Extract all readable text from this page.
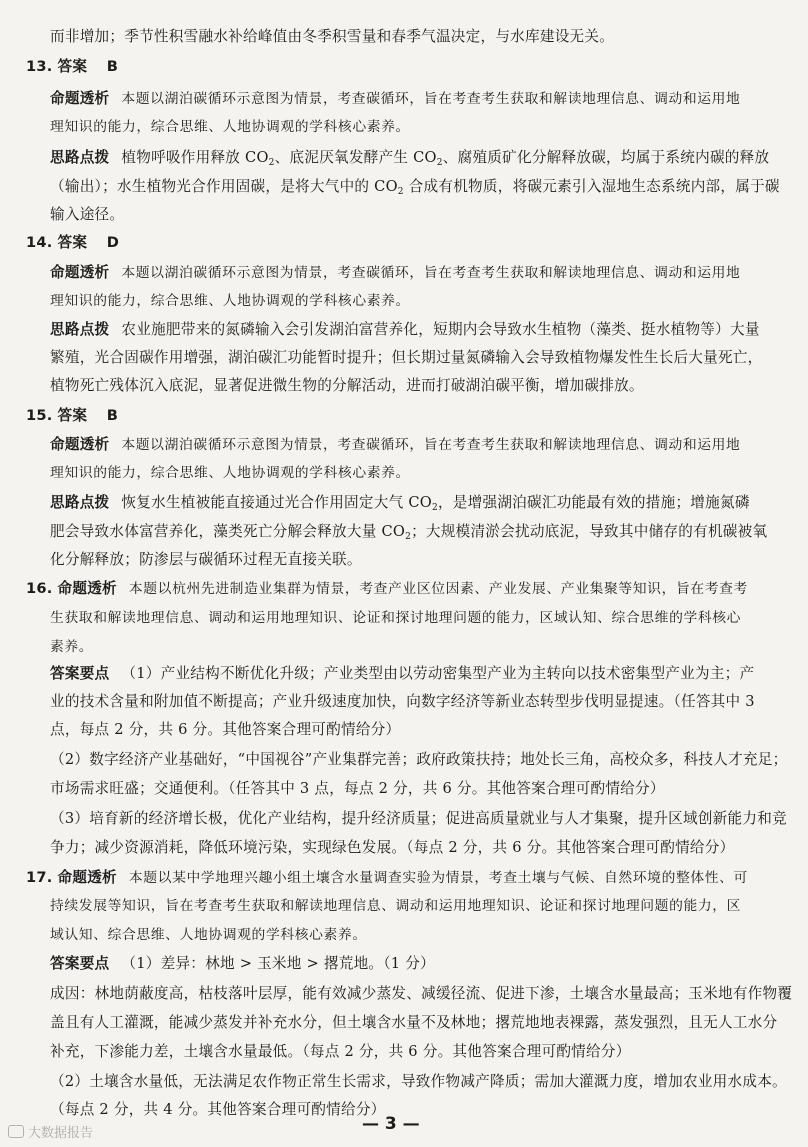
而非增加；季节性积雪融水补给峰值由冬季积雪量和春季气温决定，与水库建设无关。
13. 答案 B
命题透析 本题以湖泊碳循环示意图为情景，考查碳循环，旨在考查考生获取和解读地理信息、调动和运用地
理知识的能力，综合思维、人地协调观的学科核心素养。
思路点拨 植物呼吸作用释放 $CO_2$、底泥厌氧发酵产生 $CO_2$、腐殖质矿化分解释放碳，均属于系统内碳的释放
（输出）；水生植物光合作用固碳，是将大气中的 $CO_2$ 合成有机物质，将碳元素引入湿地生态系统内部，属于碳
输入途径。
14. 答案 D
命题透析 本题以湖泊碳循环示意图为情景，考查碳循环，旨在考查考生获取和解读地理信息、调动和运用地
理知识的能力，综合思维、人地协调观的学科核心素养。
思路点拨 农业施肥带来的氮磷输入会引发湖泊富营养化，短期内会导致水生植物（藻类、挺水植物等）大量
繁殖，光合固碳作用增强，湖泊碳汇功能暂时提升；但长期过量氮磷输入会导致植物爆发性生长后大量死亡，
植物死亡残体沉入底泥，显著促进微生物的分解活动，进而打破湖泊碳平衡，增加碳排放。
15. 答案 B
命题透析 本题以湖泊碳循环示意图为情景，考查碳循环，旨在考查考生获取和解读地理信息、调动和运用地
理知识的能力，综合思维、人地协调观的学科核心素养。
思路点拨 恢复水生植被能直接通过光合作用固定大气 $CO_2$，是增强湖泊碳汇功能最有效的措施；增施氮磷
肥会导致水体富营养化，藻类死亡分解会释放大量 $CO_2$；大规模清淤会扰动底泥，导致其中储存的有机碳被氧
化分解释放；防渗层与碳循环过程无直接关联。
16. 命题透析 本题以杭州先进制造业集群为情景，考查产业区位因素、产业发展、产业集聚等知识，旨在考查考
生获取和解读地理信息、调动和运用地理知识、论证和探讨地理问题的能力，区域认知、综合思维的学科核心
素养。
答案要点 （1）产业结构不断优化升级；产业类型由以劳动密集型产业为主转向以技术密集型产业为主；产
业的技术含量和附加值不断提高；产业升级速度加快，向数字经济等新业态转型步伐明显提速。（任答其中 3
点，每点 2 分，共 6 分。其他答案合理可酌情给分）
（2）数字经济产业基础好，“中国视谷”产业集群完善；政府政策扶持；地处长三角，高校众多，科技人才充足；
市场需求旺盛；交通便利。（任答其中 3 点，每点 2 分，共 6 分。其他答案合理可酌情给分）
（3）培育新的经济增长极，优化产业结构，提升经济质量；促进高质量就业与人才集聚，提升区域创新能力和竞
争力；减少资源消耗，降低环境污染，实现绿色发展。（每点 2 分，共 6 分。其他答案合理可酌情给分）
17. 命题透析 本题以某中学地理兴趣小组土壤含水量调查实验为情景，考查土壤与气候、自然环境的整体性、可
持续发展等知识，旨在考查考生获取和解读地理信息、调动和运用地理知识、论证和探讨地理问题的能力，区
域认知、综合思维、人地协调观的学科核心素养。
答案要点 （1）差异：林地 > 玉米地 > 撂荒地。（1 分）
成因：林地荫蔽度高，枯枝落叶层厚，能有效减少蒸发、减缓径流、促进下渗，土壤含水量最高；玉米地有作物覆
盖且有人工灌溉，能减少蒸发并补充水分，但土壤含水量不及林地；撂荒地地表裸露，蒸发强烈，且无人工水分
补充，下渗能力差，土壤含水量最低。（每点 2 分，共 6 分。其他答案合理可酌情给分）
（2）土壤含水量低，无法满足农作物正常生长需求，导致作物减产降质；需加大灌溉力度，增加农业用水成本。
（每点 2 分，共 4 分。其他答案合理可酌情给分）
— 3 —
大数据报告
